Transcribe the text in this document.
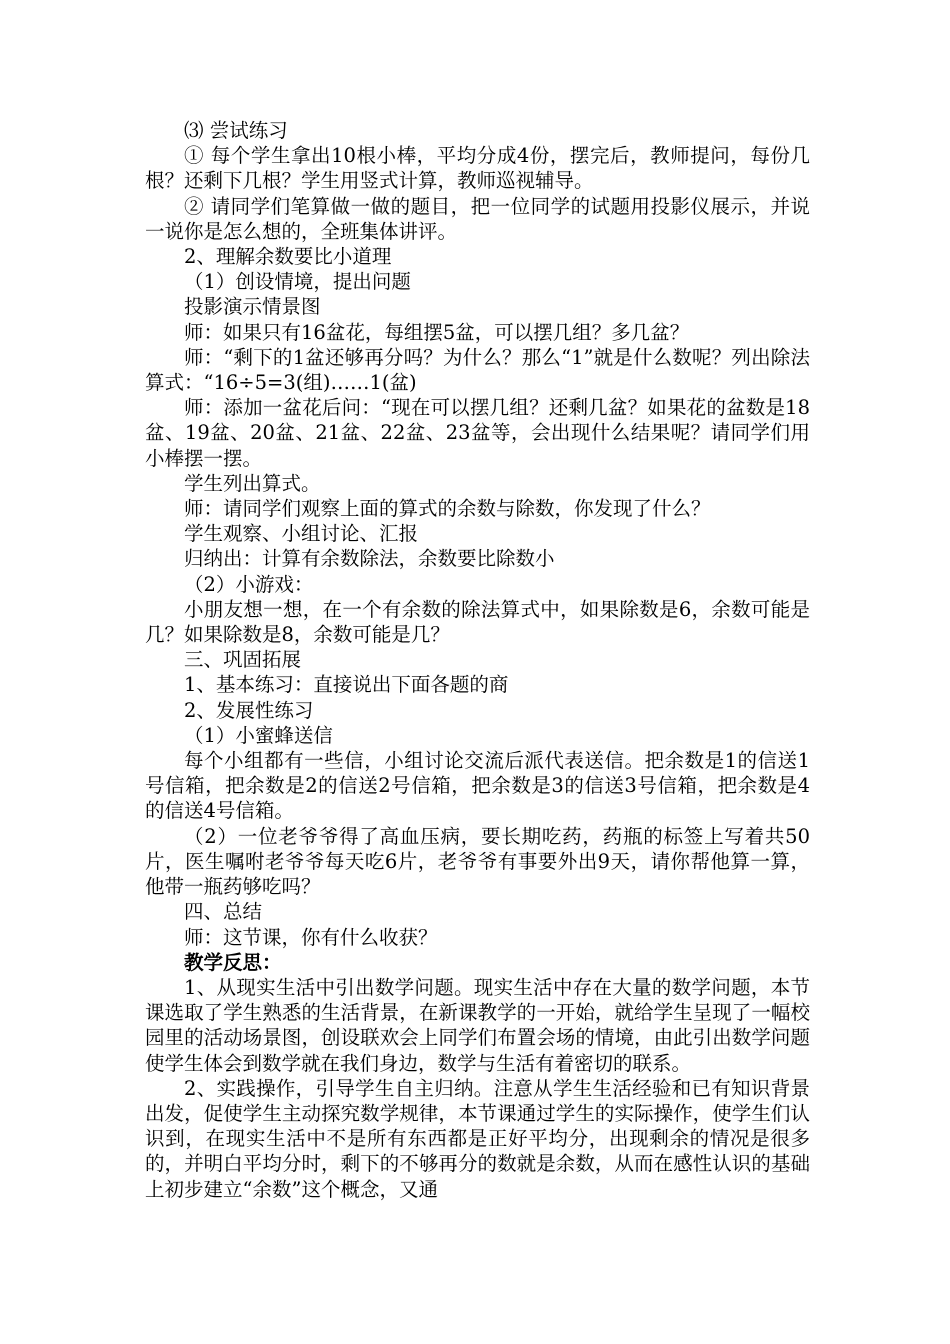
⑶ 尝试练习

① 每个学生拿出10根小棒，平均分成4份，摆完后，教师提问，每份几根？还剩下几根？学生用竖式计算，教师巡视辅导。

② 请同学们笔算做一做的题目，把一位同学的试题用投影仪展示，并说一说你是怎么想的，全班集体讲评。

2、理解余数要比小道理

（1）创设情境，提出问题

投影演示情景图

师：如果只有16盆花，每组摆5盆，可以摆几组？多几盆？

师：“剩下的1盆还够再分吗？为什么？那么“1”就是什么数呢？列出除法算式：“16÷5=3(组)……1(盆)

师：添加一盆花后问：“现在可以摆几组？还剩几盆？如果花的盆数是18盆、19盆、20盆、21盆、22盆、23盆等，会出现什么结果呢？请同学们用小棒摆一摆。

学生列出算式。

师：请同学们观察上面的算式的余数与除数，你发现了什么？

学生观察、小组讨论、汇报

归纳出：计算有余数除法，余数要比除数小

（2）小游戏：

小朋友想一想，在一个有余数的除法算式中，如果除数是6，余数可能是几？如果除数是8，余数可能是几？

三、巩固拓展

1、基本练习：直接说出下面各题的商

2、发展性练习

（1）小蜜蜂送信

每个小组都有一些信，小组讨论交流后派代表送信。把余数是1的信送1号信箱，把余数是2的信送2号信箱，把余数是3的信送3号信箱，把余数是4的信送4号信箱。

（2）一位老爷爷得了高血压病，要长期吃药，药瓶的标签上写着共50片，医生嘱咐老爷爷每天吃6片，老爷爷有事要外出9天，请你帮他算一算，他带一瓶药够吃吗？

四、总结

师：这节课，你有什么收获？

教学反思：

1、从现实生活中引出数学问题。现实生活中存在大量的数学问题，本节课选取了学生熟悉的生活背景，在新课教学的一开始，就给学生呈现了一幅校园里的活动场景图，创设联欢会上同学们布置会场的情境，由此引出数学问题使学生体会到数学就在我们身边，数学与生活有着密切的联系。

2、实践操作，引导学生自主归纳。注意从学生生活经验和已有知识背景出发，促使学生主动探究数学规律，本节课通过学生的实际操作，使学生们认识到，在现实生活中不是所有东西都是正好平均分，出现剩余的情况是很多的，并明白平均分时，剩下的不够再分的数就是余数，从而在感性认识的基础上初步建立“余数”这个概念，又通
